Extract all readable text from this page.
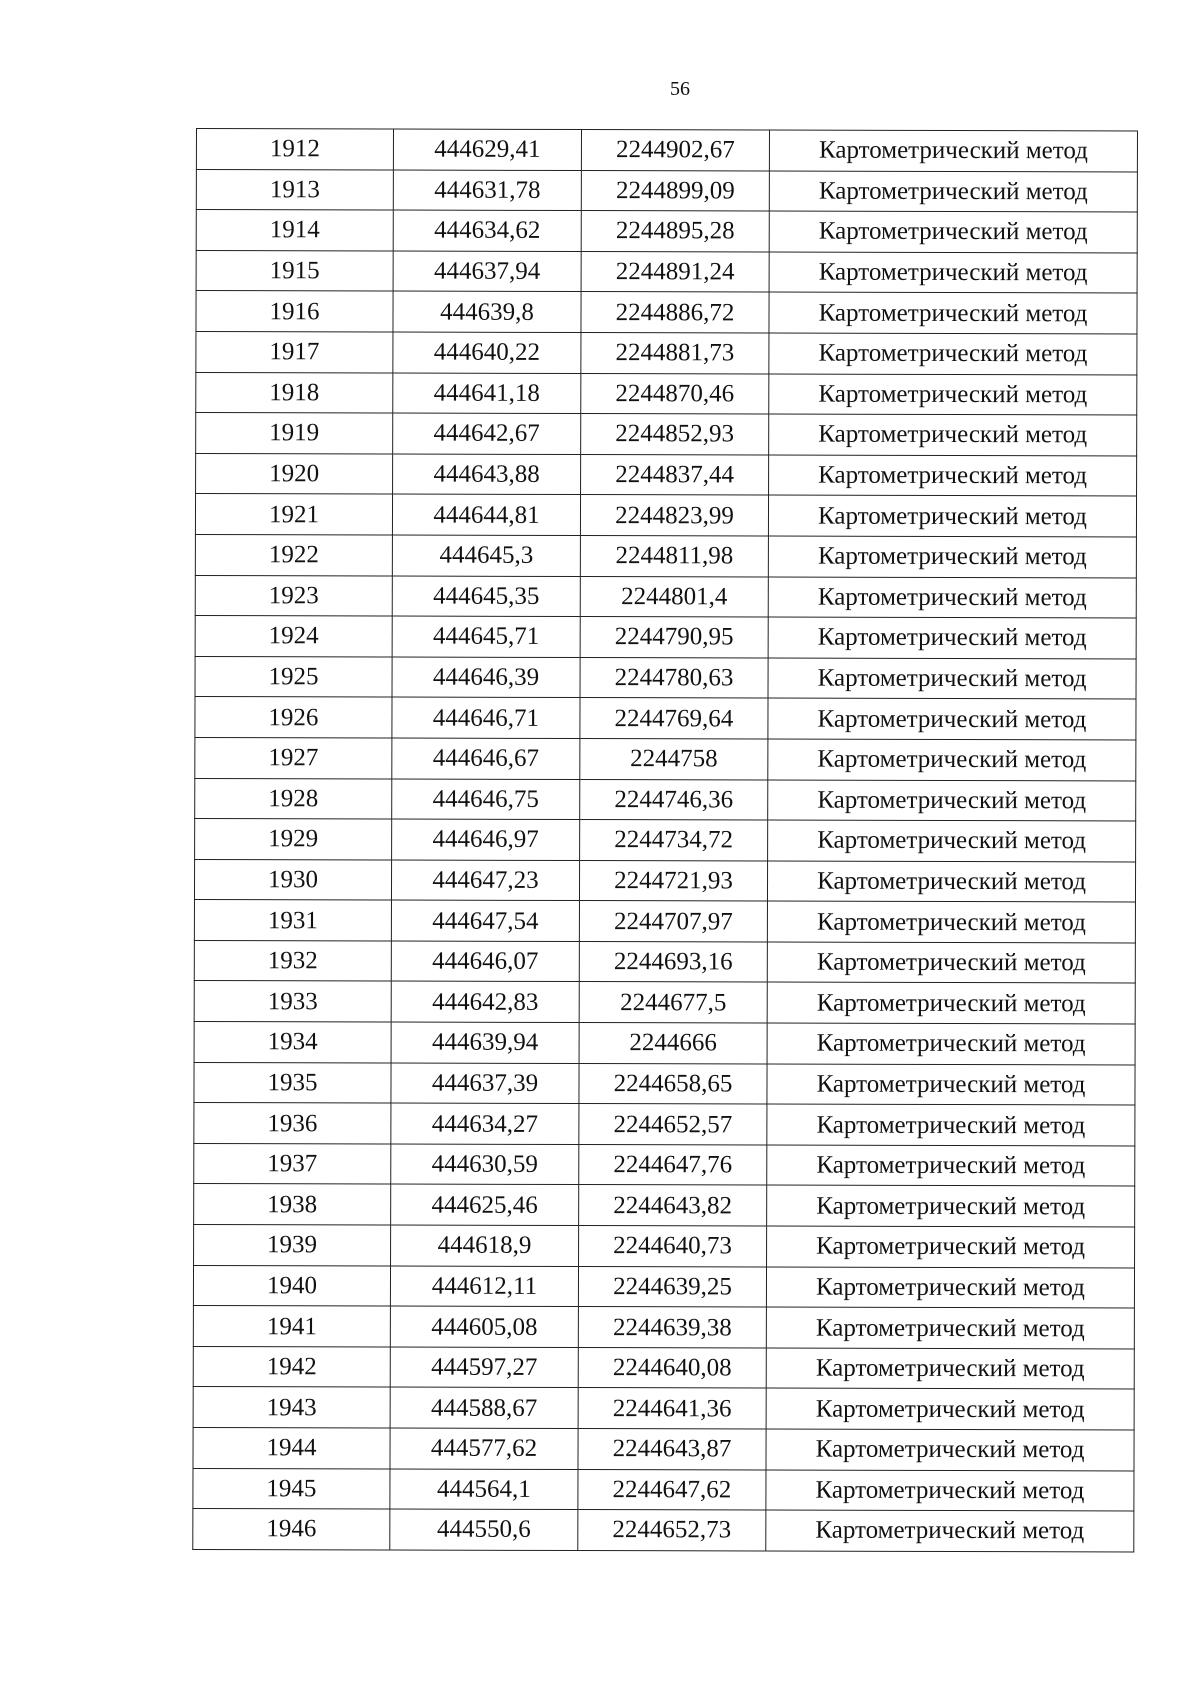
56
1912	444629,41	2244902,67	Картометрический метод
1913	444631,78	2244899,09	Картометрический метод
1914	444634,62	2244895,28	Картометрический метод
1915	444637,94	2244891,24	Картометрический метод
1916	444639,8	2244886,72	Картометрический метод
1917	444640,22	2244881,73	Картометрический метод
1918	444641,18	2244870,46	Картометрический метод
1919	444642,67	2244852,93	Картометрический метод
1920	444643,88	2244837,44	Картометрический метод
1921	444644,81	2244823,99	Картометрический метод
1922	444645,3	2244811,98	Картометрический метод
1923	444645,35	2244801,4	Картометрический метод
1924	444645,71	2244790,95	Картометрический метод
1925	444646,39	2244780,63	Картометрический метод
1926	444646,71	2244769,64	Картометрический метод
1927	444646,67	2244758	Картометрический метод
1928	444646,75	2244746,36	Картометрический метод
1929	444646,97	2244734,72	Картометрический метод
1930	444647,23	2244721,93	Картометрический метод
1931	444647,54	2244707,97	Картометрический метод
1932	444646,07	2244693,16	Картометрический метод
1933	444642,83	2244677,5	Картометрический метод
1934	444639,94	2244666	Картометрический метод
1935	444637,39	2244658,65	Картометрический метод
1936	444634,27	2244652,57	Картометрический метод
1937	444630,59	2244647,76	Картометрический метод
1938	444625,46	2244643,82	Картометрический метод
1939	444618,9	2244640,73	Картометрический метод
1940	444612,11	2244639,25	Картометрический метод
1941	444605,08	2244639,38	Картометрический метод
1942	444597,27	2244640,08	Картометрический метод
1943	444588,67	2244641,36	Картометрический метод
1944	444577,62	2244643,87	Картометрический метод
1945	444564,1	2244647,62	Картометрический метод
1946	444550,6	2244652,73	Картометрический метод
